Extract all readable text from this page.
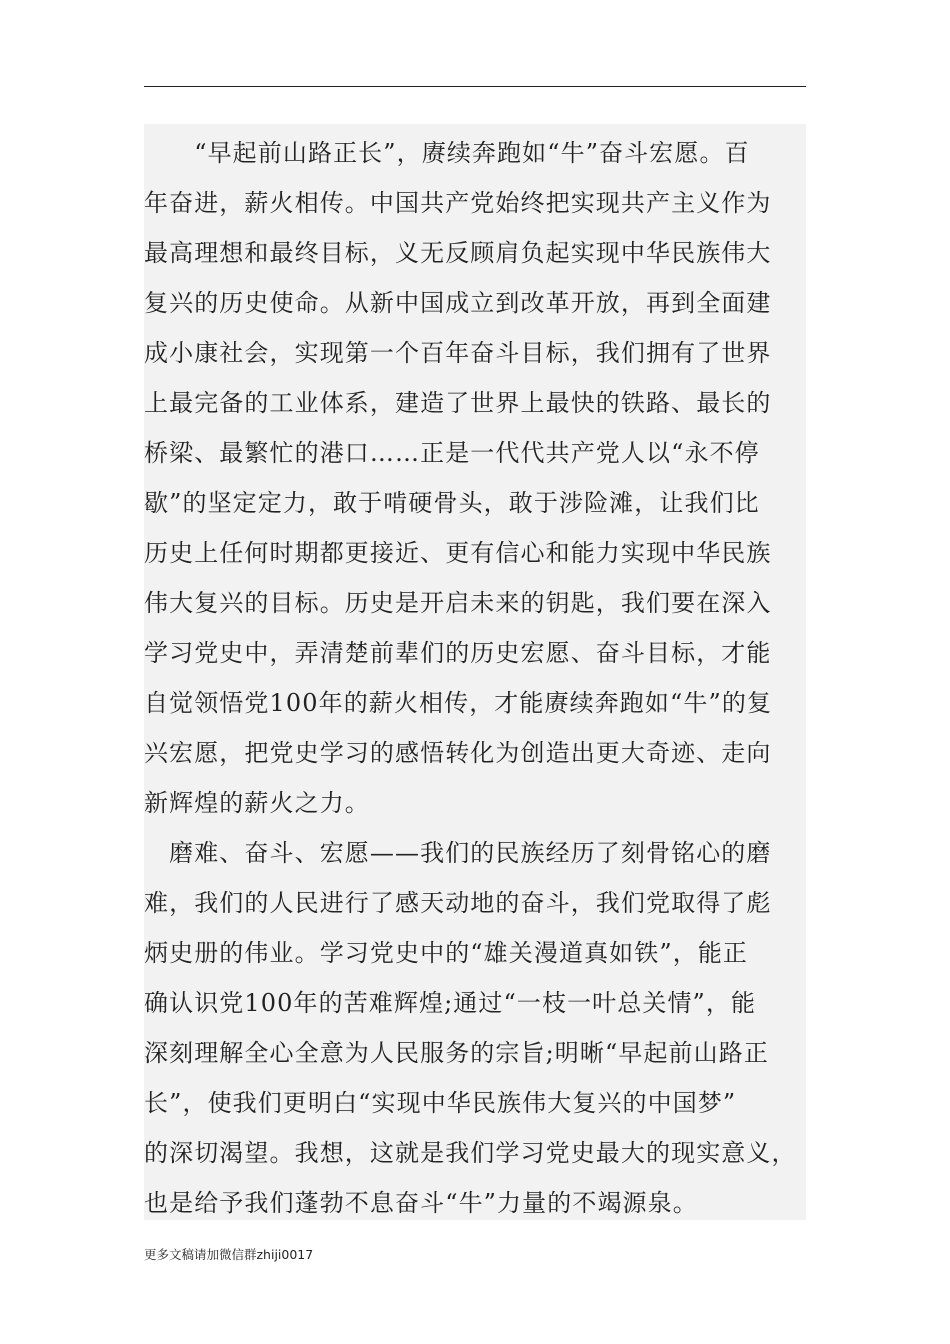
　　“早起前山路正长”，赓续奔跑如“牛”奋斗宏愿。百
年奋进，薪火相传。中国共产党始终把实现共产主义作为
最高理想和最终目标，义无反顾肩负起实现中华民族伟大
复兴的历史使命。从新中国成立到改革开放，再到全面建
成小康社会，实现第一个百年奋斗目标，我们拥有了世界
上最完备的工业体系，建造了世界上最快的铁路、最长的
桥梁、最繁忙的港口……正是一代代共产党人以“永不停
歇”的坚定定力，敢于啃硬骨头，敢于涉险滩，让我们比
历史上任何时期都更接近、更有信心和能力实现中华民族
伟大复兴的目标。历史是开启未来的钥匙，我们要在深入
学习党史中，弄清楚前辈们的历史宏愿、奋斗目标，才能
自觉领悟党100年的薪火相传，才能赓续奔跑如“牛”的复
兴宏愿，把党史学习的感悟转化为创造出更大奇迹、走向
新辉煌的薪火之力。
　磨难、奋斗、宏愿——我们的民族经历了刻骨铭心的磨
难，我们的人民进行了感天动地的奋斗，我们党取得了彪
炳史册的伟业。学习党史中的“雄关漫道真如铁”，能正
确认识党100年的苦难辉煌;通过“一枝一叶总关情”，能
深刻理解全心全意为人民服务的宗旨;明晰“早起前山路正
长”，使我们更明白“实现中华民族伟大复兴的中国梦”
的深切渴望。我想，这就是我们学习党史最大的现实意义，
也是给予我们蓬勃不息奋斗“牛”力量的不竭源泉。
更多文稿请加微信群zhiji0017
